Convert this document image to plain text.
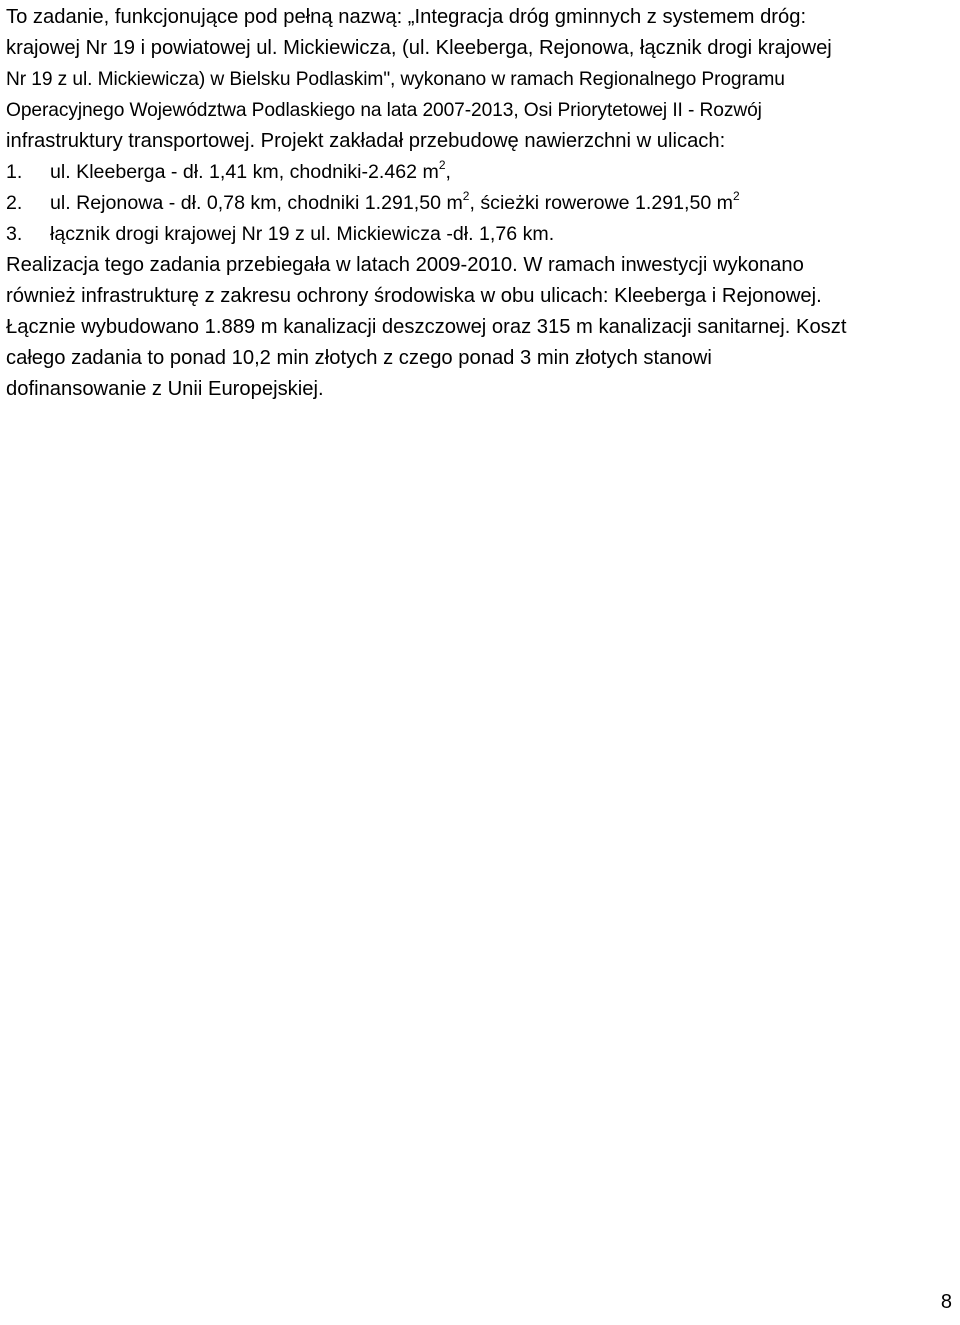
To zadanie, funkcjonujące pod pełną nazwą: „Integracja dróg gminnych z systemem dróg:
krajowej Nr 19 i powiatowej ul. Mickiewicza, (ul. Kleeberga, Rejonowa, łącznik drogi krajowej
Nr 19 z ul. Mickiewicza) w Bielsku Podlaskim", wykonano w ramach Regionalnego Programu
Operacyjnego Województwa Podlaskiego na lata 2007-2013, Osi Priorytetowej II - Rozwój
infrastruktury transportowej. Projekt zakładał przebudowę nawierzchni w ulicach:
1. ul. Kleeberga - dł. 1,41 km, chodniki-2.462 $m^2$,
2. ul. Rejonowa - dł. 0,78 km, chodniki 1.291,50 $m^2$, ścieżki rowerowe 1.291,50 $m^2$
3. łącznik drogi krajowej Nr 19 z ul. Mickiewicza -dł. 1,76 km.
Realizacja tego zadania przebiegała w latach 2009-2010. W ramach inwestycji wykonano
również infrastrukturę z zakresu ochrony środowiska w obu ulicach: Kleeberga i Rejonowej.
Łącznie wybudowano 1.889 m kanalizacji deszczowej oraz 315 m kanalizacji sanitarnej. Koszt
całego zadania to ponad 10,2 min złotych z czego ponad 3 min złotych stanowi
dofinansowanie z Unii Europejskiej.
8
